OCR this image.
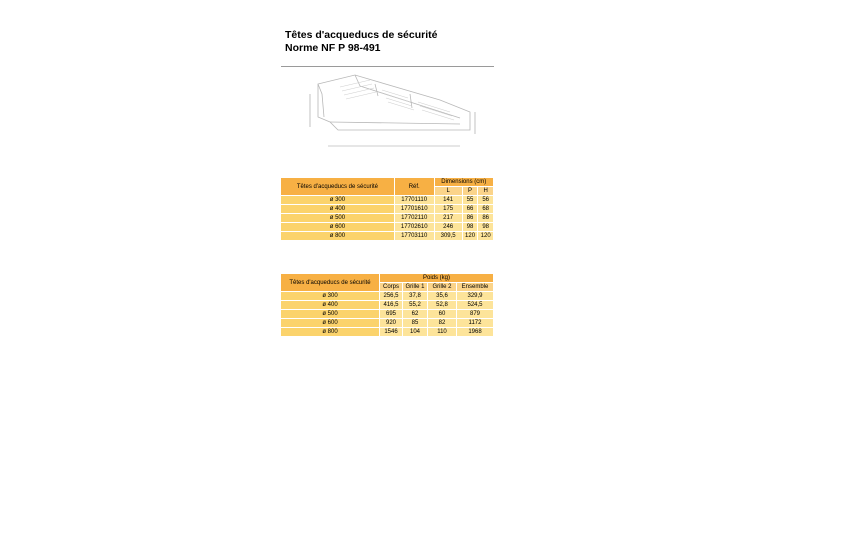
Têtes d'acqueducs de sécurité
Norme NF P 98-491
Têtes d'acqueducs de sécurité	Réf.	Dimensions (cm)		
		L	P	H
ø 300	17701110	141	55	56
ø 400	17701610	175	66	68
ø 500	17702110	217	86	86
ø 600	17702610	246	98	98
ø 800	17703110	309,5	120	120
Têtes d'acqueducs de sécurité	Poids (kg)			
	Corps	Grille 1	Grille 2	Ensemble
ø 300	256,5	37,8	35,6	329,9
ø 400	416,5	55,2	52,8	524,5
ø 500	695	62	60	879
ø 600	920	85	82	1172
ø 800	1546	104	110	1968
